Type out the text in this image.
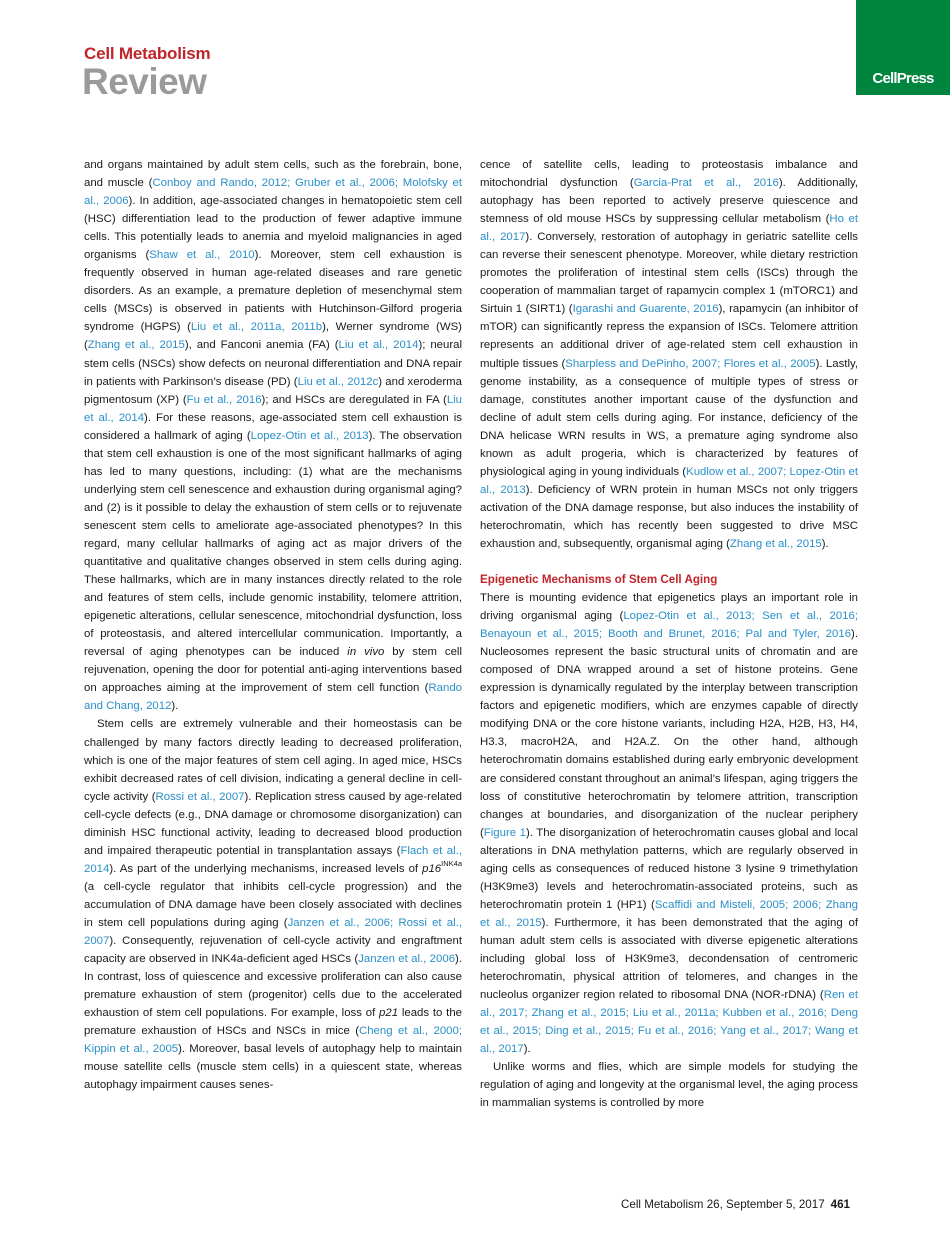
Cell Metabolism
Review	CellPress

and organs maintained by adult stem cells, such as the forebrain, bone, and muscle (Conboy and Rando, 2012; Gruber et al., 2006; Molofsky et al., 2006). In addition, age-associated changes in hematopoietic stem cell (HSC) differentiation lead to the production of fewer adaptive immune cells. This potentially leads to anemia and myeloid malignancies in aged organisms (Shaw et al., 2010). Moreover, stem cell exhaustion is frequently observed in human age-related diseases and rare genetic disorders. As an example, a premature depletion of mesenchymal stem cells (MSCs) is observed in patients with Hutchinson-Gilford progeria syndrome (HGPS) (Liu et al., 2011a, 2011b), Werner syndrome (WS) (Zhang et al., 2015), and Fanconi anemia (FA) (Liu et al., 2014); neural stem cells (NSCs) show defects on neuronal differentiation and DNA repair in patients with Parkinson’s disease (PD) (Liu et al., 2012c) and xeroderma pigmentosum (XP) (Fu et al., 2016); and HSCs are deregulated in FA (Liu et al., 2014). For these reasons, age-associated stem cell exhaustion is considered a hallmark of aging (Lopez-Otin et al., 2013). The observation that stem cell exhaustion is one of the most significant hallmarks of aging has led to many questions, including: (1) what are the mechanisms underlying stem cell senescence and exhaustion during organismal aging? and (2) is it possible to delay the exhaustion of stem cells or to rejuvenate senescent stem cells to ameliorate age-associated phenotypes? In this regard, many cellular hallmarks of aging act as major drivers of the quantitative and qualitative changes observed in stem cells during aging. These hallmarks, which are in many instances directly related to the role and features of stem cells, include genomic instability, telomere attrition, epigenetic alterations, cellular senescence, mitochondrial dysfunction, loss of proteostasis, and altered intercellular communication. Importantly, a reversal of aging phenotypes can be induced in vivo by stem cell rejuvenation, opening the door for potential anti-aging interventions based on approaches aiming at the improvement of stem cell function (Rando and Chang, 2012).

Stem cells are extremely vulnerable and their homeostasis can be challenged by many factors directly leading to decreased proliferation, which is one of the major features of stem cell aging. In aged mice, HSCs exhibit decreased rates of cell division, indicating a general decline in cell-cycle activity (Rossi et al., 2007). Replication stress caused by age-related cell-cycle defects (e.g., DNA damage or chromosome disorganization) can diminish HSC functional activity, leading to decreased blood production and impaired therapeutic potential in transplantation assays (Flach et al., 2014). As part of the underlying mechanisms, increased levels of $p16^{INK4a}$ (a cell-cycle regulator that inhibits cell-cycle progression) and the accumulation of DNA damage have been closely associated with declines in stem cell populations during aging (Janzen et al., 2006; Rossi et al., 2007). Consequently, rejuvenation of cell-cycle activity and engraftment capacity are observed in INK4a-deficient aged HSCs (Janzen et al., 2006). In contrast, loss of quiescence and excessive proliferation can also cause premature exhaustion of stem (progenitor) cells due to the accelerated exhaustion of stem cell populations. For example, loss of p21 leads to the premature exhaustion of HSCs and NSCs in mice (Cheng et al., 2000; Kippin et al., 2005). Moreover, basal levels of autophagy help to maintain mouse satellite cells (muscle stem cells) in a quiescent state, whereas autophagy impairment causes senes-

cence of satellite cells, leading to proteostasis imbalance and mitochondrial dysfunction (Garcia-Prat et al., 2016). Additionally, autophagy has been reported to actively preserve quiescence and stemness of old mouse HSCs by suppressing cellular metabolism (Ho et al., 2017). Conversely, restoration of autophagy in geriatric satellite cells can reverse their senescent phenotype. Moreover, while dietary restriction promotes the proliferation of intestinal stem cells (ISCs) through the cooperation of mammalian target of rapamycin complex 1 (mTORC1) and Sirtuin 1 (SIRT1) (Igarashi and Guarente, 2016), rapamycin (an inhibitor of mTOR) can significantly repress the expansion of ISCs. Telomere attrition represents an additional driver of age-related stem cell exhaustion in multiple tissues (Sharpless and DePinho, 2007; Flores et al., 2005). Lastly, genome instability, as a consequence of multiple types of stress or damage, constitutes another important cause of the dysfunction and decline of adult stem cells during aging. For instance, deficiency of the DNA helicase WRN results in WS, a premature aging syndrome also known as adult progeria, which is characterized by features of physiological aging in young individuals (Kudlow et al., 2007; Lopez-Otin et al., 2013). Deficiency of WRN protein in human MSCs not only triggers activation of the DNA damage response, but also induces the instability of heterochromatin, which has recently been suggested to drive MSC exhaustion and, subsequently, organismal aging (Zhang et al., 2015).

Epigenetic Mechanisms of Stem Cell Aging

There is mounting evidence that epigenetics plays an important role in driving organismal aging (Lopez-Otin et al., 2013; Sen et al., 2016; Benayoun et al., 2015; Booth and Brunet, 2016; Pal and Tyler, 2016). Nucleosomes represent the basic structural units of chromatin and are composed of DNA wrapped around a set of histone proteins. Gene expression is dynamically regulated by the interplay between transcription factors and epigenetic modifiers, which are enzymes capable of directly modifying DNA or the core histone variants, including H2A, H2B, H3, H4, H3.3, macroH2A, and H2A.Z. On the other hand, although heterochromatin domains established during early embryonic development are considered constant throughout an animal’s lifespan, aging triggers the loss of constitutive heterochromatin by telomere attrition, transcription changes at boundaries, and disorganization of the nuclear periphery (Figure 1). The disorganization of heterochromatin causes global and local alterations in DNA methylation patterns, which are regularly observed in aging cells as consequences of reduced histone 3 lysine 9 trimethylation (H3K9me3) levels and heterochromatin-associated proteins, such as heterochromatin protein 1 (HP1) (Scaffidi and Misteli, 2005; 2006; Zhang et al., 2015). Furthermore, it has been demonstrated that the aging of human adult stem cells is associated with diverse epigenetic alterations including global loss of H3K9me3, decondensation of centromeric heterochromatin, physical attrition of telomeres, and changes in the nucleolus organizer region related to ribosomal DNA (NOR-rDNA) (Ren et al., 2017; Zhang et al., 2015; Liu et al., 2011a; Kubben et al., 2016; Deng et al., 2015; Ding et al., 2015; Fu et al., 2016; Yang et al., 2017; Wang et al., 2017).

Unlike worms and flies, which are simple models for studying the regulation of aging and longevity at the organismal level, the aging process in mammalian systems is controlled by more

Cell Metabolism 26, September 5, 2017 461
